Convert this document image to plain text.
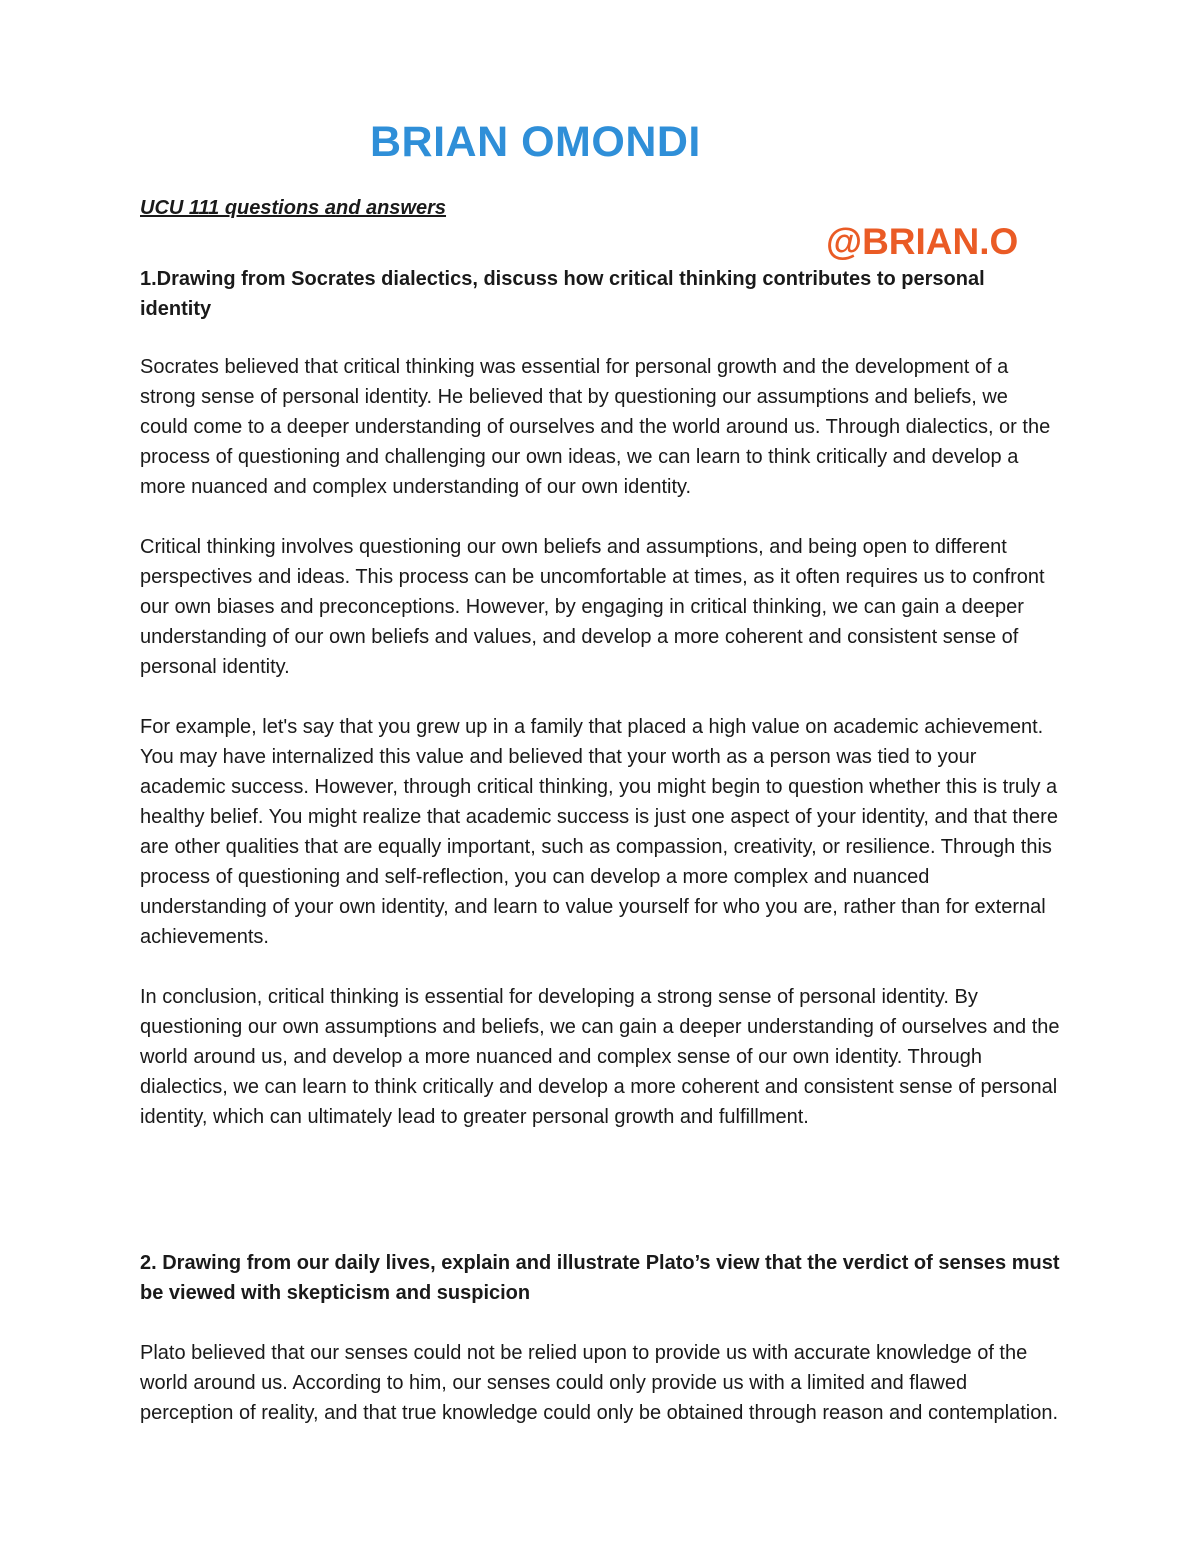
BRIAN OMONDI

UCU 111 questions and answers

@BRIAN.O

1.Drawing from Socrates dialectics, discuss how critical thinking contributes to personal identity

Socrates believed that critical thinking was essential for personal growth and the development of a strong sense of personal identity. He believed that by questioning our assumptions and beliefs, we could come to a deeper understanding of ourselves and the world around us. Through dialectics, or the process of questioning and challenging our own ideas, we can learn to think critically and develop a more nuanced and complex understanding of our own identity.

Critical thinking involves questioning our own beliefs and assumptions, and being open to different perspectives and ideas. This process can be uncomfortable at times, as it often requires us to confront our own biases and preconceptions. However, by engaging in critical thinking, we can gain a deeper understanding of our own beliefs and values, and develop a more coherent and consistent sense of personal identity.

For example, let's say that you grew up in a family that placed a high value on academic achievement. You may have internalized this value and believed that your worth as a person was tied to your academic success. However, through critical thinking, you might begin to question whether this is truly a healthy belief. You might realize that academic success is just one aspect of your identity, and that there are other qualities that are equally important, such as compassion, creativity, or resilience. Through this process of questioning and self-reflection, you can develop a more complex and nuanced understanding of your own identity, and learn to value yourself for who you are, rather than for external achievements.

In conclusion, critical thinking is essential for developing a strong sense of personal identity. By questioning our own assumptions and beliefs, we can gain a deeper understanding of ourselves and the world around us, and develop a more nuanced and complex sense of our own identity. Through dialectics, we can learn to think critically and develop a more coherent and consistent sense of personal identity, which can ultimately lead to greater personal growth and fulfillment.

2. Drawing from our daily lives, explain and illustrate Plato’s view that the verdict of senses must be viewed with skepticism and suspicion

Plato believed that our senses could not be relied upon to provide us with accurate knowledge of the world around us. According to him, our senses could only provide us with a limited and flawed perception of reality, and that true knowledge could only be obtained through reason and contemplation.
